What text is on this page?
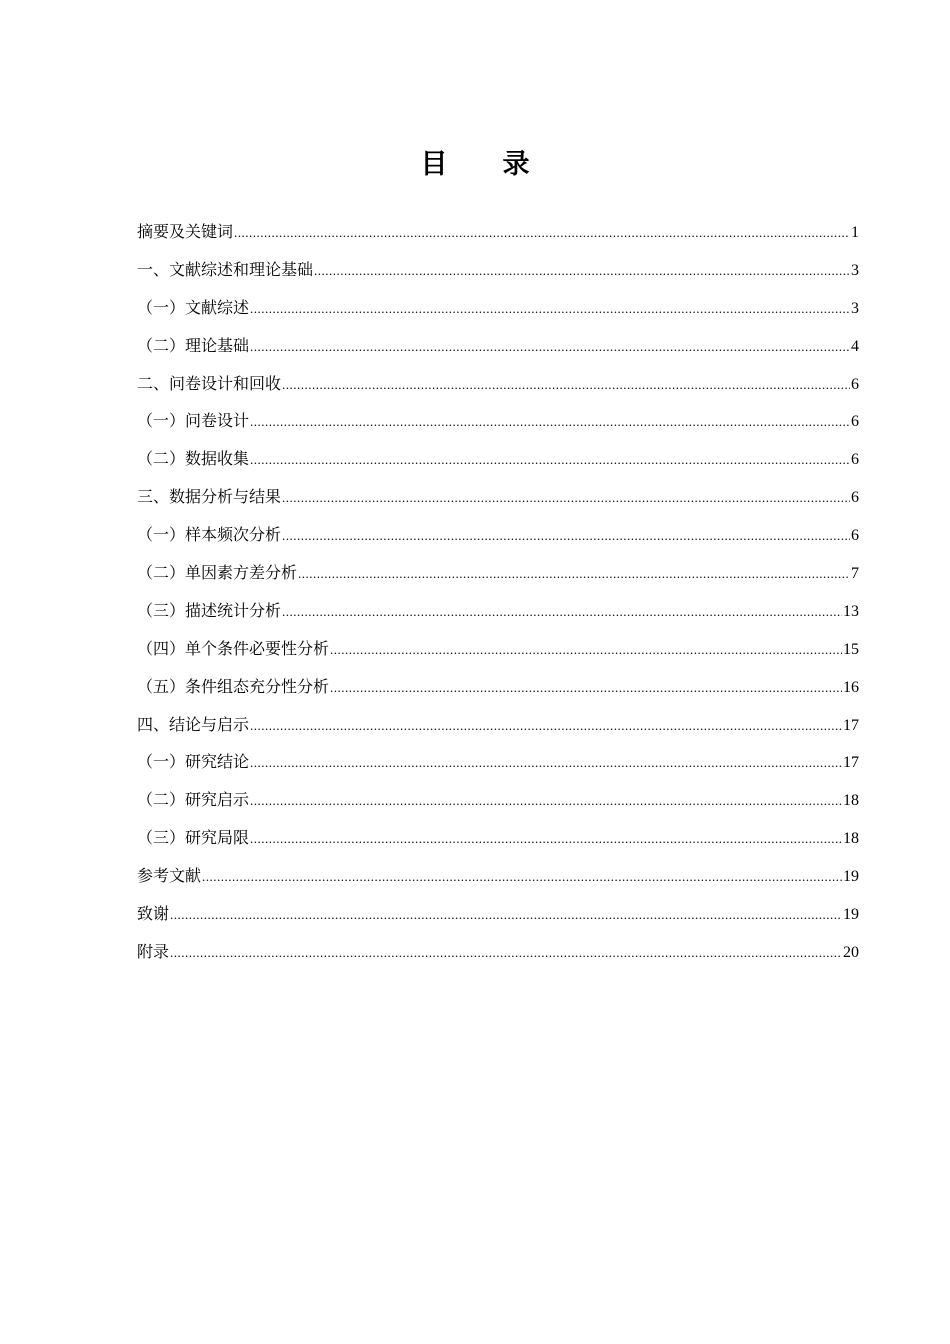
目录
摘要及关键词 .....	1
一、文献综述和理论基础 .....	3
（一）文献综述 .....	3
（二）理论基础 .....	4
二、问卷设计和回收 .....	6
（一）问卷设计 .....	6
（二）数据收集 .....	6
三、数据分析与结果 .....	6
（一）样本频次分析 .....	6
（二）单因素方差分析 .....	7
（三）描述统计分析 .....	13
（四）单个条件必要性分析 .....	15
（五）条件组态充分性分析 .....	16
四、结论与启示 .....	17
（一）研究结论 .....	17
（二）研究启示 .....	18
（三）研究局限 .....	18
参考文献 .....	19
致谢 .....	19
附录 .....	20
